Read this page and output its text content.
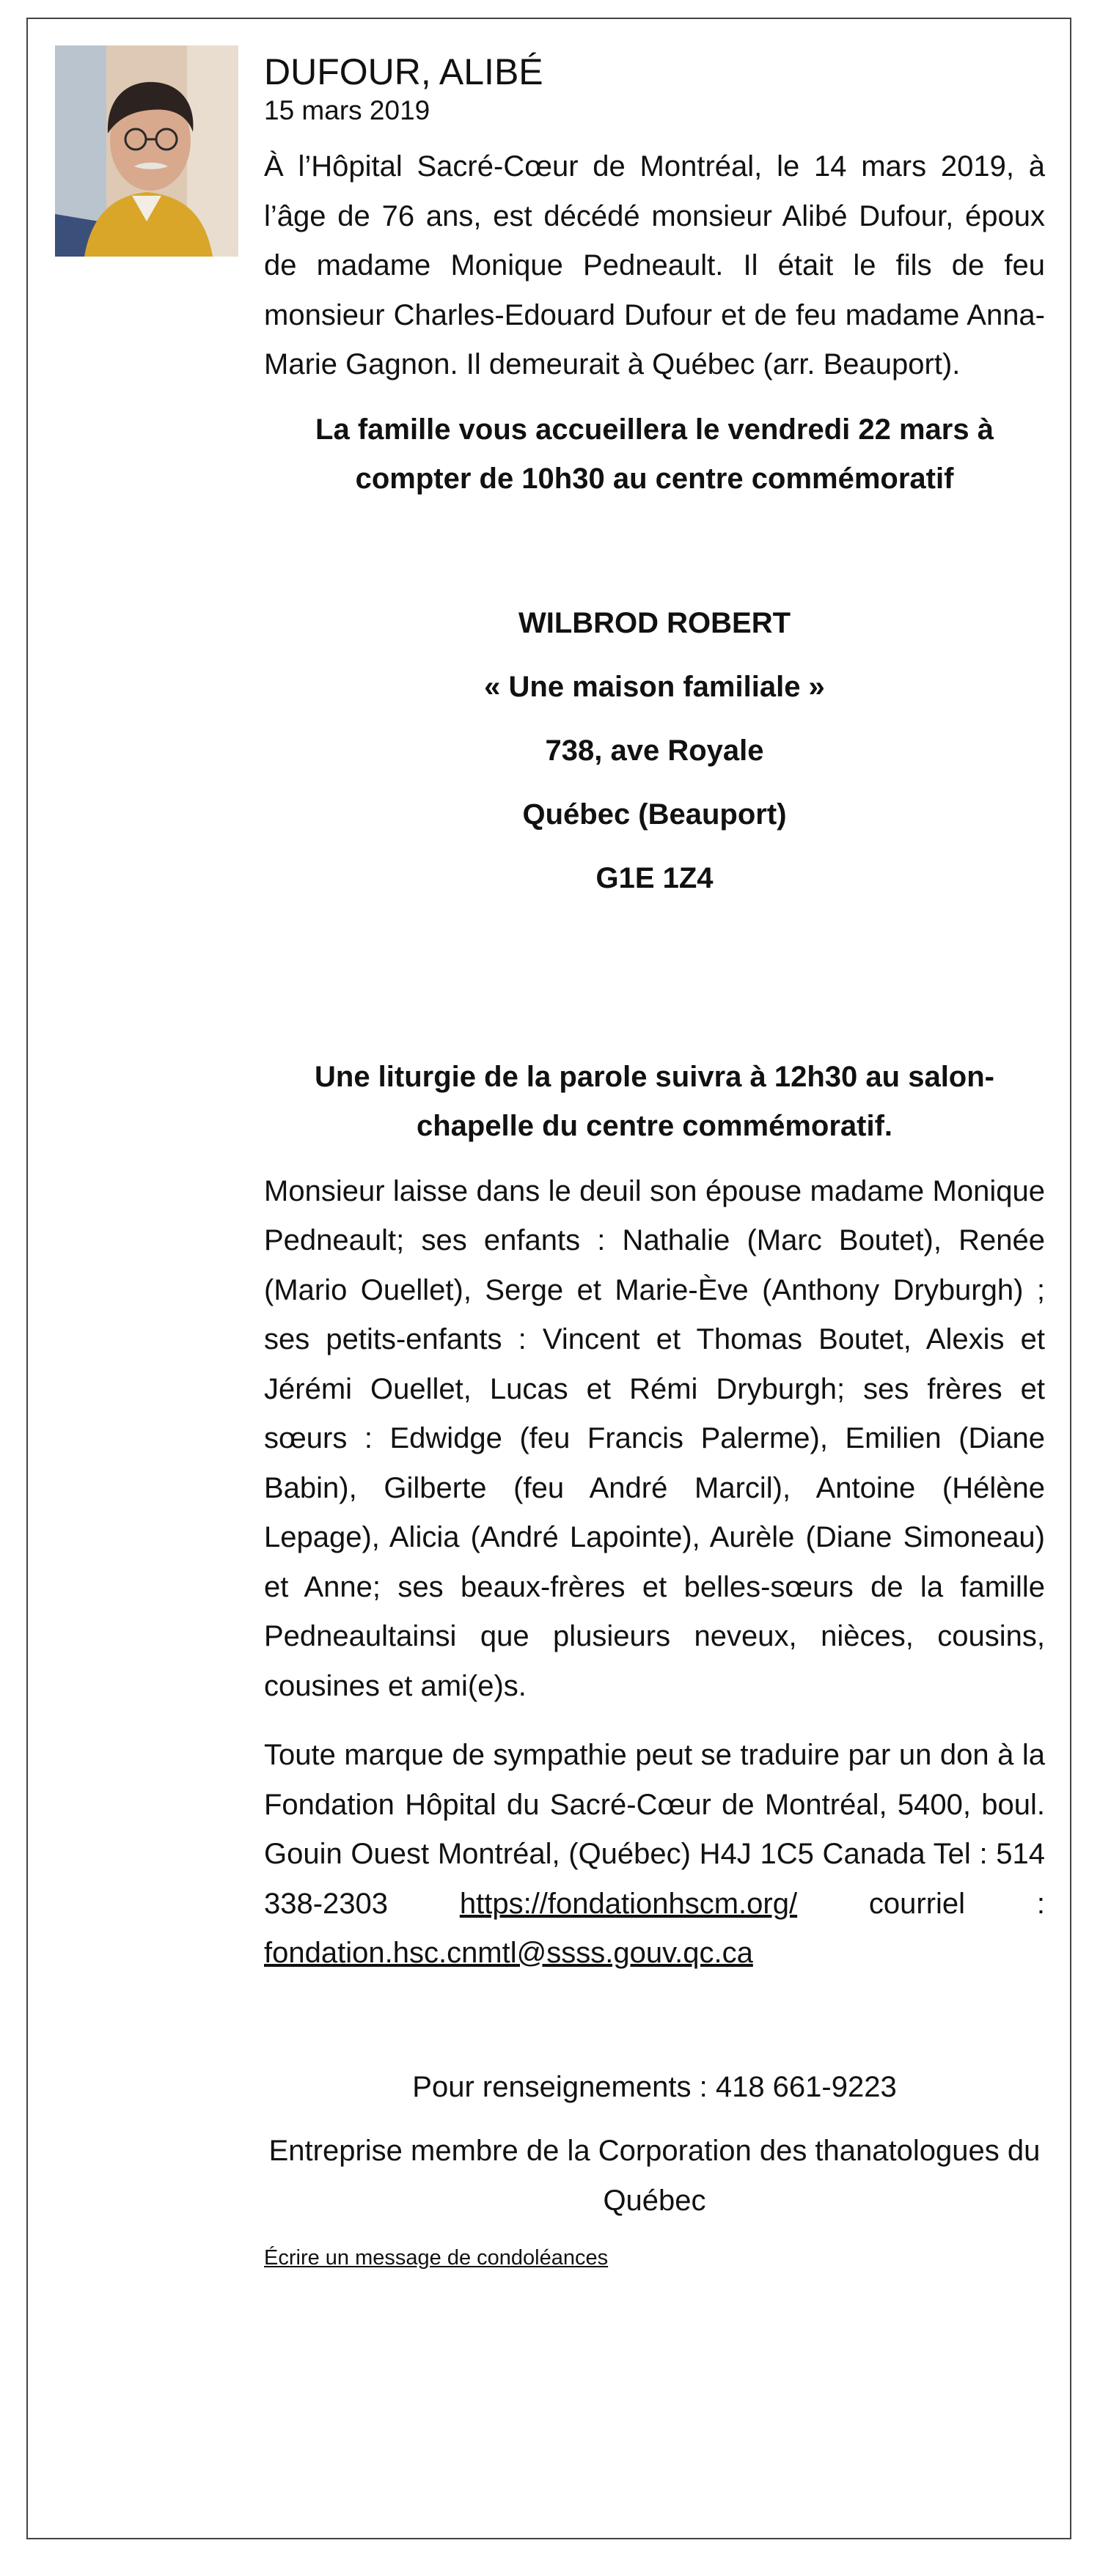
DUFOUR, ALIBÉ
15 mars 2019

À l’Hôpital Sacré-Cœur de Montréal, le 14 mars 2019, à l’âge de 76 ans, est décédé monsieur Alibé Dufour, époux de madame Monique Pedneault. Il était le fils de feu monsieur Charles-Edouard Dufour et de feu madame Anna-Marie Gagnon. Il demeurait à Québec (arr. Beauport).

La famille vous accueillera le vendredi 22 mars à compter de 10h30 au centre commémoratif
WILBROD ROBERT
« Une maison familiale »
738, ave Royale
Québec (Beauport)
G1E 1Z4
Une liturgie de la parole suivra à 12h30 au salon-chapelle du centre commémoratif.

Monsieur laisse dans le deuil son épouse madame Monique Pedneault; ses enfants : Nathalie (Marc Boutet), Renée (Mario Ouellet), Serge et Marie-Ève (Anthony Dryburgh) ; ses petits-enfants : Vincent et Thomas Boutet, Alexis et Jérémi Ouellet, Lucas et Rémi Dryburgh; ses frères et sœurs : Edwidge (feu Francis Palerme), Emilien (Diane Babin), Gilberte (feu André Marcil), Antoine (Hélène Lepage), Alicia (André Lapointe), Aurèle (Diane Simoneau) et Anne; ses beaux-frères et belles-sœurs de la famille Pedneaultainsi que plusieurs neveux, nièces, cousins, cousines et ami(e)s.

Toute marque de sympathie peut se traduire par un don à la Fondation Hôpital du Sacré-Cœur de Montréal, 5400, boul. Gouin Ouest Montréal, (Québec) H4J 1C5 Canada Tel : 514 338-2303 https://fondationhscm.org/ courriel : fondation.hsc.cnmtl@ssss.gouv.qc.ca

Pour renseignements : 418 661-9223
Entreprise membre de la Corporation des thanatologues du Québec
Écrire un message de condoléances
